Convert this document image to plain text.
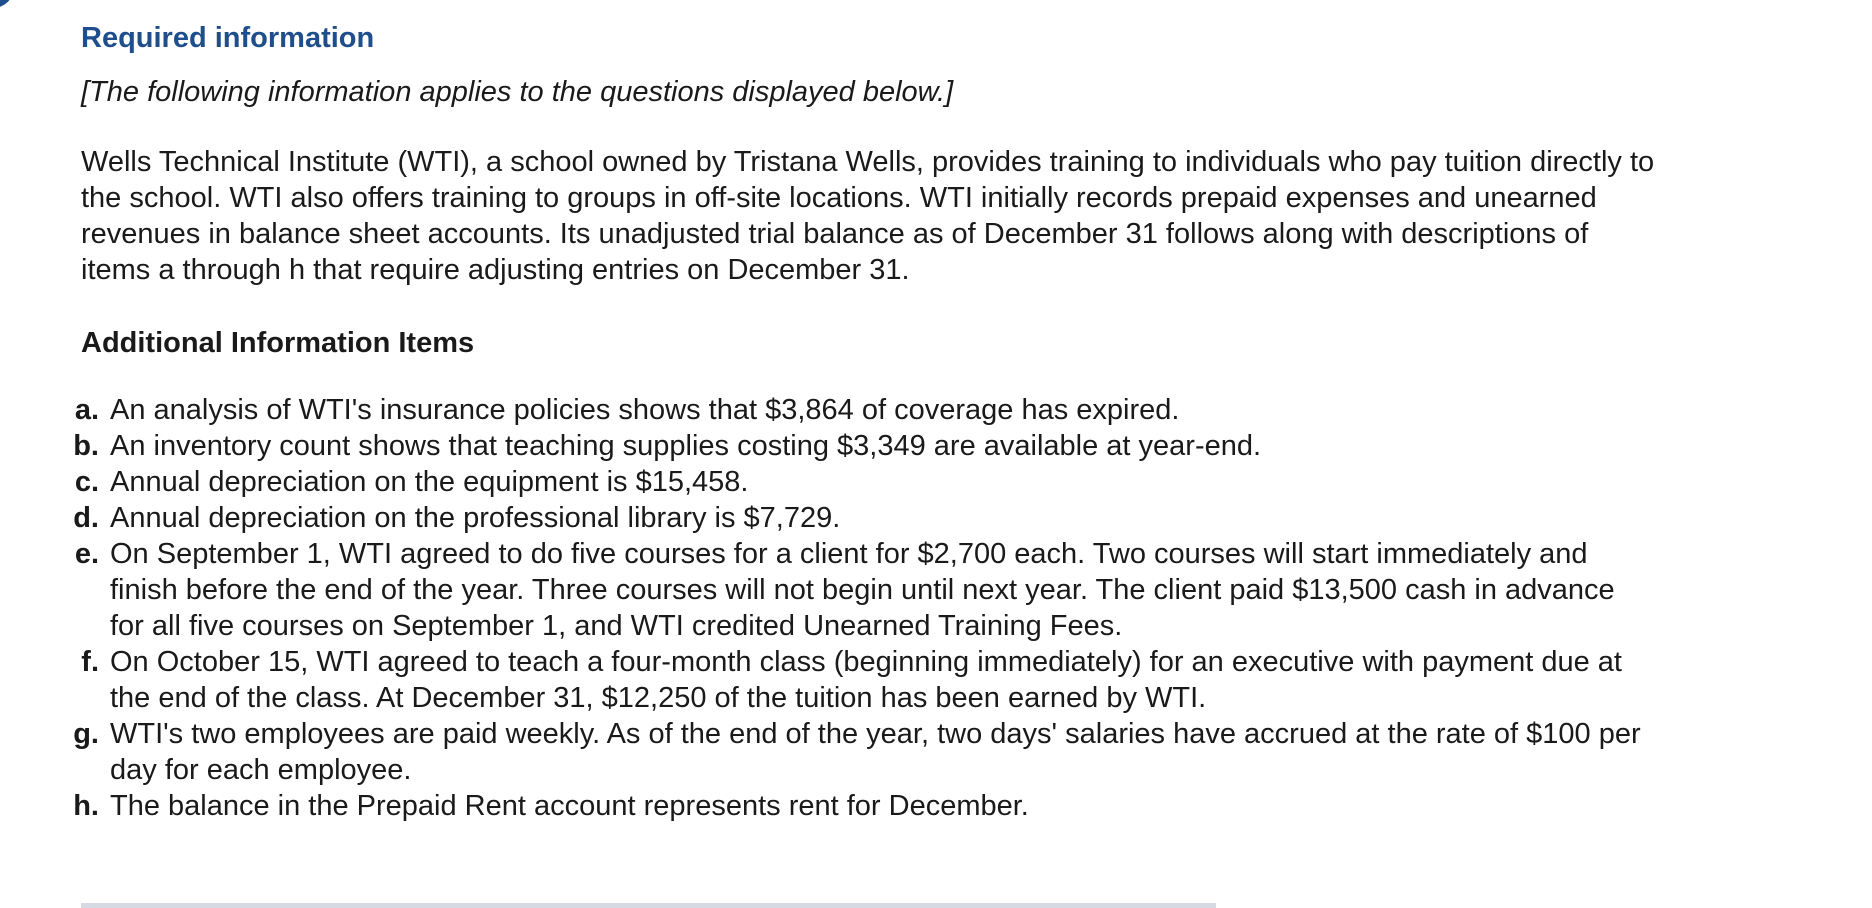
Required information

[The following information applies to the questions displayed below.]

Wells Technical Institute (WTI), a school owned by Tristana Wells, provides training to individuals who pay tuition directly to
the school. WTI also offers training to groups in off-site locations. WTI initially records prepaid expenses and unearned
revenues in balance sheet accounts. Its unadjusted trial balance as of December 31 follows along with descriptions of
items a through h that require adjusting entries on December 31.

Additional Information Items
a. An analysis of WTI's insurance policies shows that $3,864 of coverage has expired.
b. An inventory count shows that teaching supplies costing $3,349 are available at year-end.
c. Annual depreciation on the equipment is $15,458.
d. Annual depreciation on the professional library is $7,729.
e. On September 1, WTI agreed to do five courses for a client for $2,700 each. Two courses will start immediately and
finish before the end of the year. Three courses will not begin until next year. The client paid $13,500 cash in advance
for all five courses on September 1, and WTI credited Unearned Training Fees.
f. On October 15, WTI agreed to teach a four-month class (beginning immediately) for an executive with payment due at
the end of the class. At December 31, $12,250 of the tuition has been earned by WTI.
g. WTI's two employees are paid weekly. As of the end of the year, two days' salaries have accrued at the rate of $100 per
day for each employee.
h. The balance in the Prepaid Rent account represents rent for December.
